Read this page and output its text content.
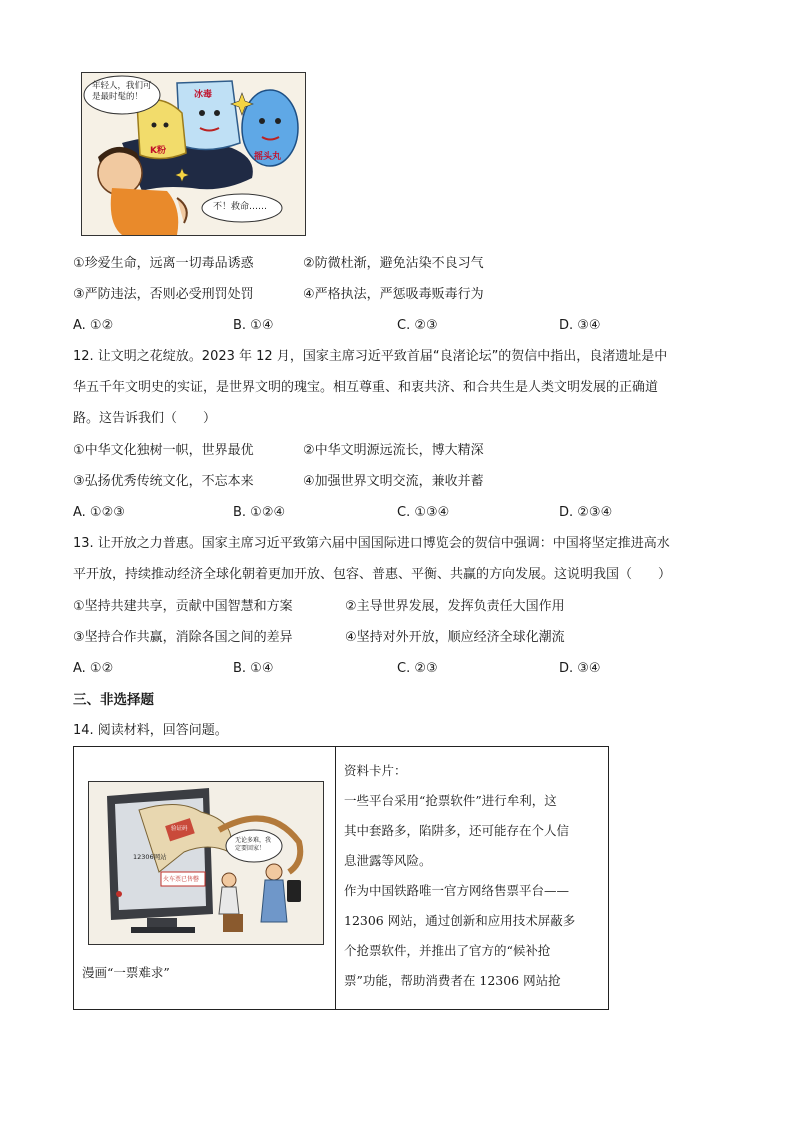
年轻人，我们可是最时髦的！
不！救命……
冰毒
K粉
摇头丸
①珍爱生命，远离一切毒品诱惑	②防微杜渐，避免沾染不良习气
③严防违法，否则必受刑罚处罚	④严格执法，严惩吸毒贩毒行为
A. ①②	B. ①④	C. ②③	D. ③④
12. 让文明之花绽放。2023 年 12 月，国家主席习近平致首届“良渚论坛”的贺信中指出，良渚遗址是中
华五千年文明史的实证，是世界文明的瑰宝。相互尊重、和衷共济、和合共生是人类文明发展的正确道
路。这告诉我们（　　）
①中华文化独树一帜，世界最优	②中华文明源远流长，博大精深
③弘扬优秀传统文化，不忘本来	④加强世界文明交流，兼收并蓄
A. ①②③	B. ①②④	C. ①③④	D. ②③④
13. 让开放之力普惠。国家主席习近平致第六届中国国际进口博览会的贺信中强调：中国将坚定推进高水
平开放，持续推动经济全球化朝着更加开放、包容、普惠、平衡、共赢的方向发展。这说明我国（　　）
①坚持共建共享，贡献中国智慧和方案	②主导世界发展，发挥负责任大国作用
③坚持合作共赢，消除各国之间的差异	④坚持对外开放，顺应经济全球化潮流
A. ①②	B. ①④	C. ②③	D. ③④
三、非选择题
14. 阅读材料，回答问题。
12306网站
火车票已售罄
无论多难，我定要回家！
验证码
漫画“一票难求”
资料卡片：
一些平台采用“抢票软件”进行牟利，这
其中套路多，陷阱多，还可能存在个人信
息泄露等风险。
作为中国铁路唯一官方网络售票平台——
12306 网站，通过创新和应用技术屏蔽多
个抢票软件，并推出了官方的“候补抢
票”功能，帮助消费者在 12306 网站抢
